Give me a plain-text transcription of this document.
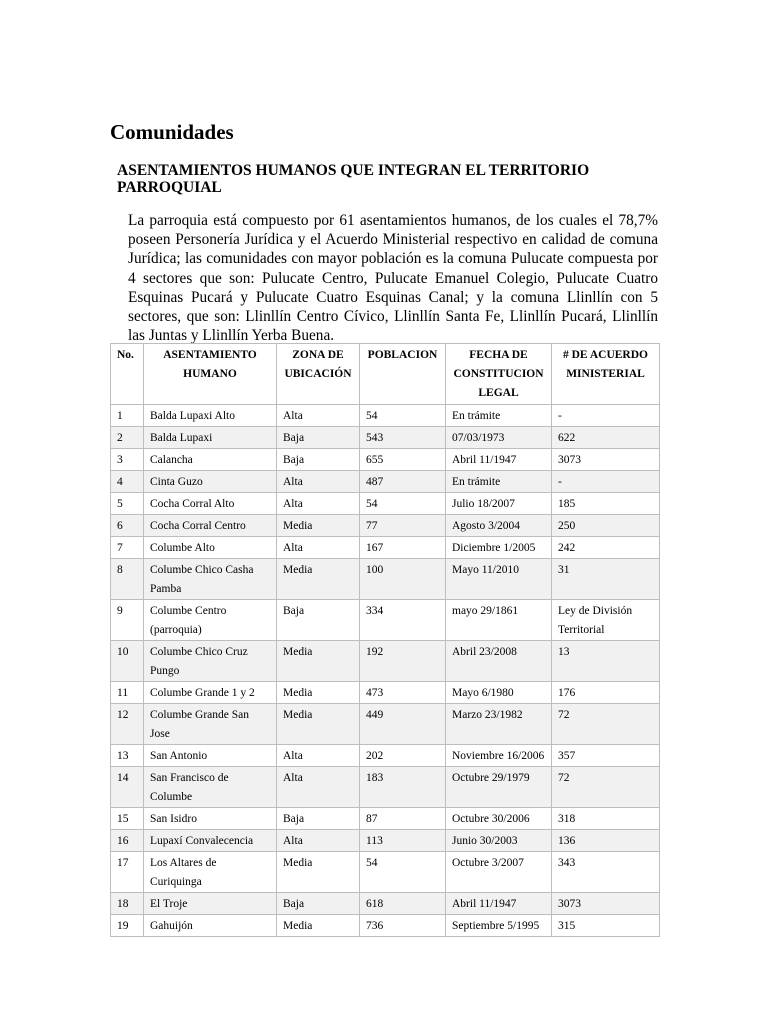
Comunidades
ASENTAMIENTOS HUMANOS QUE INTEGRAN EL TERRITORIO PARROQUIAL

La parroquia está compuesto por 61 asentamientos humanos, de los cuales el 78,7% poseen Personería Jurídica y el Acuerdo Ministerial respectivo en calidad de comuna Jurídica; las comunidades con mayor población es la comuna Pulucate compuesta por 4 sectores que son: Pulucate Centro, Pulucate Emanuel Colegio, Pulucate Cuatro Esquinas Pucará y Pulucate Cuatro Esquinas Canal; y la comuna Llinllín con 5 sectores, que son: Llinllín Centro Cívico, Llinllín Santa Fe, Llinllín Pucará, Llinllín las Juntas y Llinllín Yerba Buena.

No.	ASENTAMIENTO HUMANO	ZONA DE UBICACIÓN	POBLACION	FECHA DE CONSTITUCION LEGAL	# DE ACUERDO MINISTERIAL
1	Balda Lupaxi Alto	Alta	54	En trámite	-
2	Balda Lupaxi	Baja	543	07/03/1973	622
3	Calancha	Baja	655	Abril 11/1947	3073
4	Cinta Guzo	Alta	487	En trámite	-
5	Cocha Corral Alto	Alta	54	Julio 18/2007	185
6	Cocha Corral Centro	Media	77	Agosto 3/2004	250
7	Columbe Alto	Alta	167	Diciembre 1/2005	242
8	Columbe Chico Casha Pamba	Media	100	Mayo 11/2010	31
9	Columbe Centro (parroquia)	Baja	334	mayo 29/1861	Ley de División Territorial
10	Columbe Chico Cruz Pungo	Media	192	Abril 23/2008	13
11	Columbe Grande 1 y 2	Media	473	Mayo 6/1980	176
12	Columbe Grande San Jose	Media	449	Marzo 23/1982	72
13	San Antonio	Alta	202	Noviembre 16/2006	357
14	San Francisco de Columbe	Alta	183	Octubre 29/1979	72
15	San Isidro	Baja	87	Octubre 30/2006	318
16	Lupaxí Convalecencia	Alta	113	Junio 30/2003	136
17	Los Altares de Curiquinga	Media	54	Octubre 3/2007	343
18	El Troje	Baja	618	Abril 11/1947	3073
19	Gahuijón	Media	736	Septiembre 5/1995	315
